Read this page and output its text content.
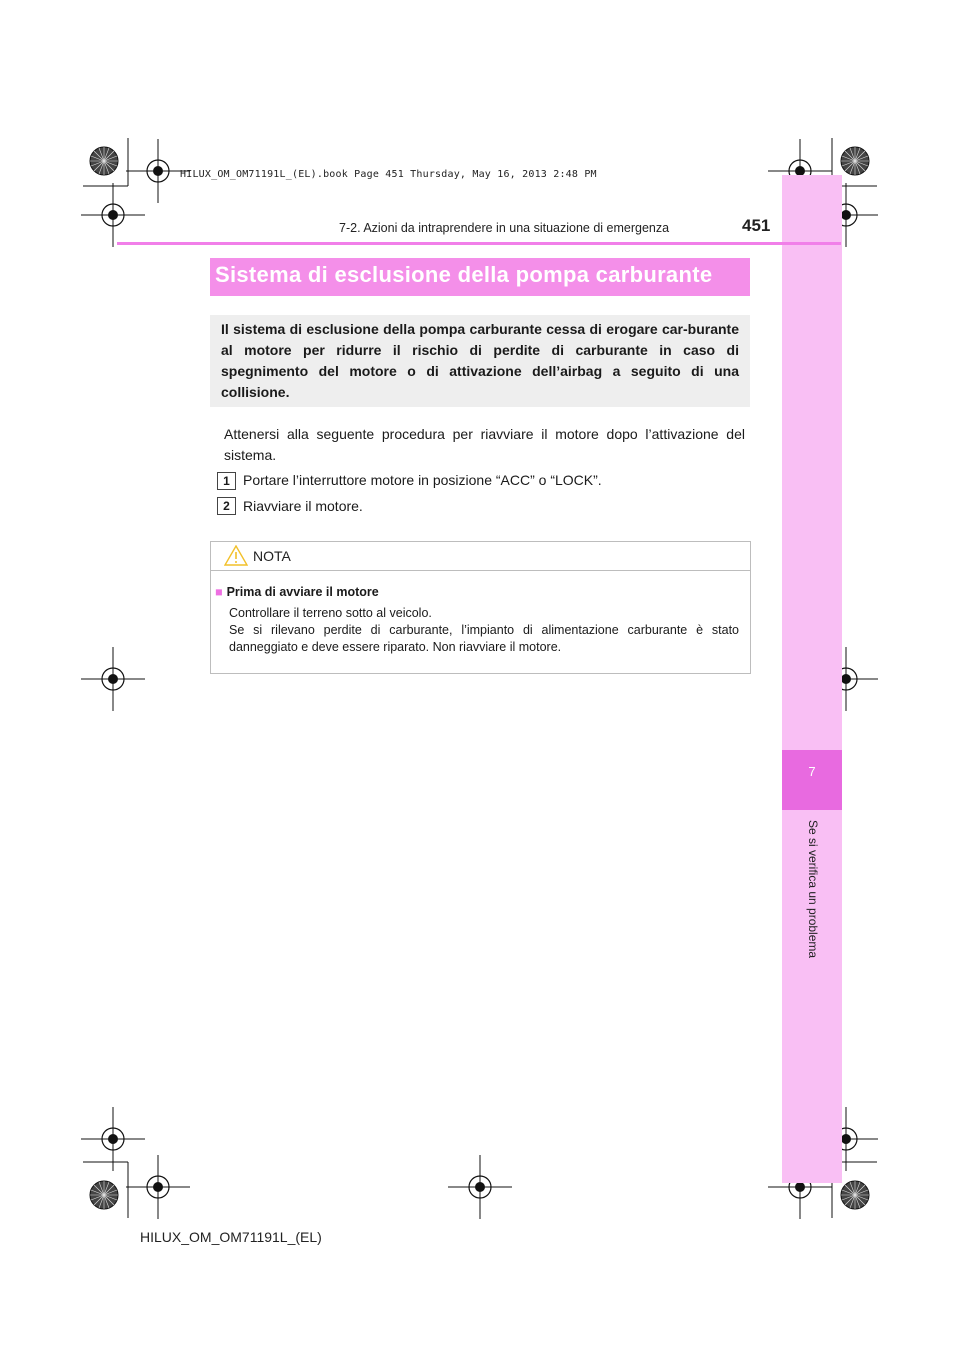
7
Se si verifica un problema
HILUX_OM_OM71191L_(EL).book Page 451 Thursday, May 16, 2013 2:48 PM
7-2. Azioni da intraprendere in una situazione di emergenza	451
Sistema di esclusione della pompa carburante
Il sistema di esclusione della pompa carburante cessa di erogare car-burante al motore per ridurre il rischio di perdite di carburante in caso di spegnimento del motore o di attivazione dell’airbag a seguito di una collisione.
Attenersi alla seguente procedura per riavviare il motore dopo l’attivazione del sistema.
1 Portare l’interruttore motore in posizione “ACC” o “LOCK”.
2 Riavviare il motore.
NOTA
■ Prima di avviare il motore

Controllare il terreno sotto al veicolo.

Se si rilevano perdite di carburante, l’impianto di alimentazione carburante è stato danneggiato e deve essere riparato. Non riavviare il motore.

HILUX_OM_OM71191L_(EL)
